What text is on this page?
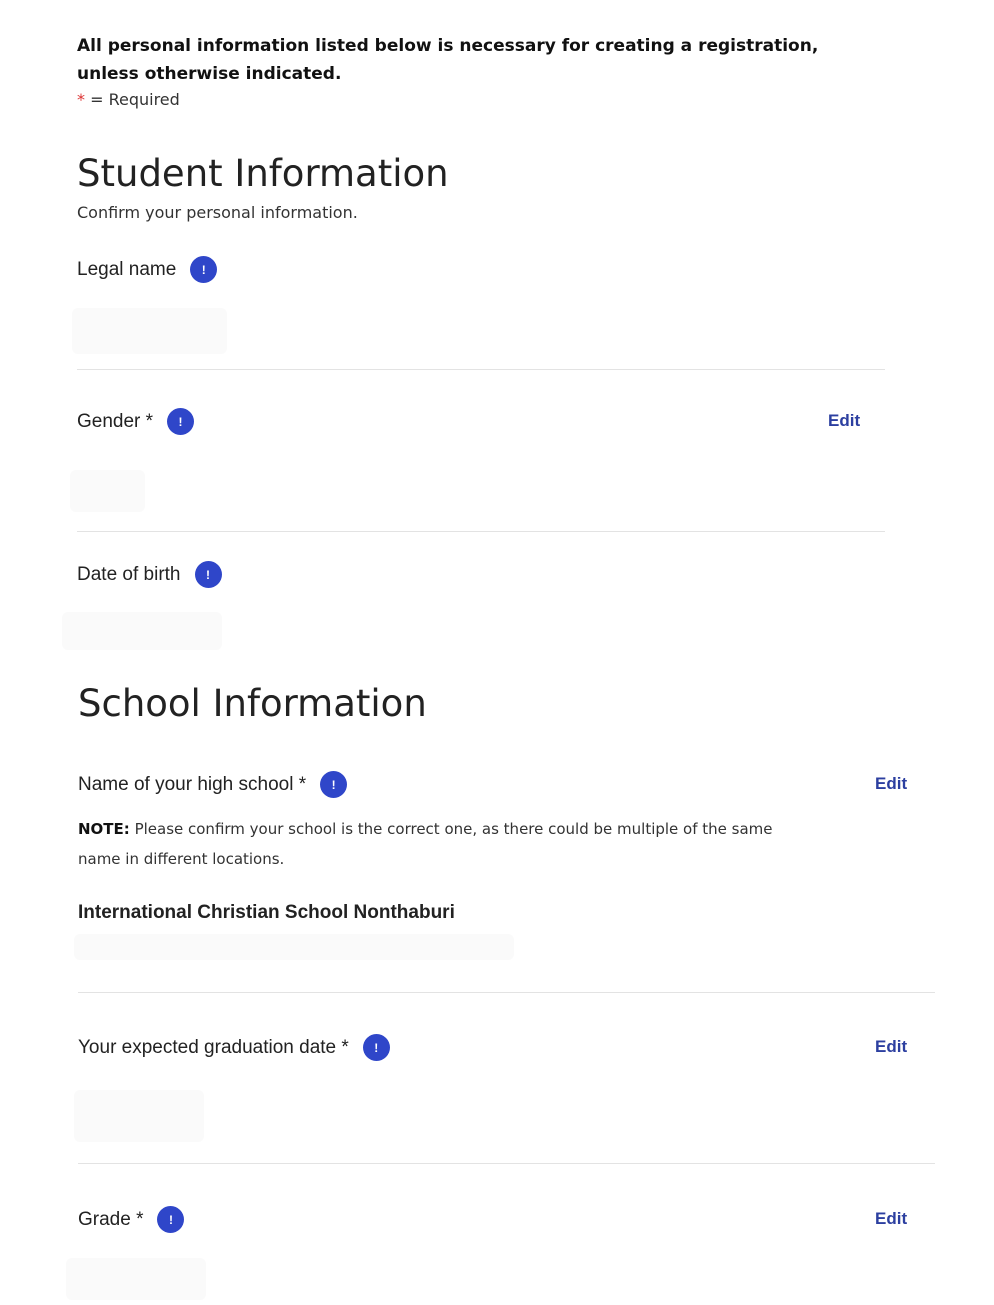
All personal information listed below is necessary for creating a registration, unless otherwise indicated.
* = Required
Student Information
Confirm your personal information.
Legal name	!
Gender *	!	Edit
Date of birth	!
School Information
Name of your high school *	!	Edit
NOTE: Please confirm your school is the correct one, as there could be multiple of the same name in different locations.
International Christian School Nonthaburi
Your expected graduation date *	!	Edit
Grade *	!	Edit
